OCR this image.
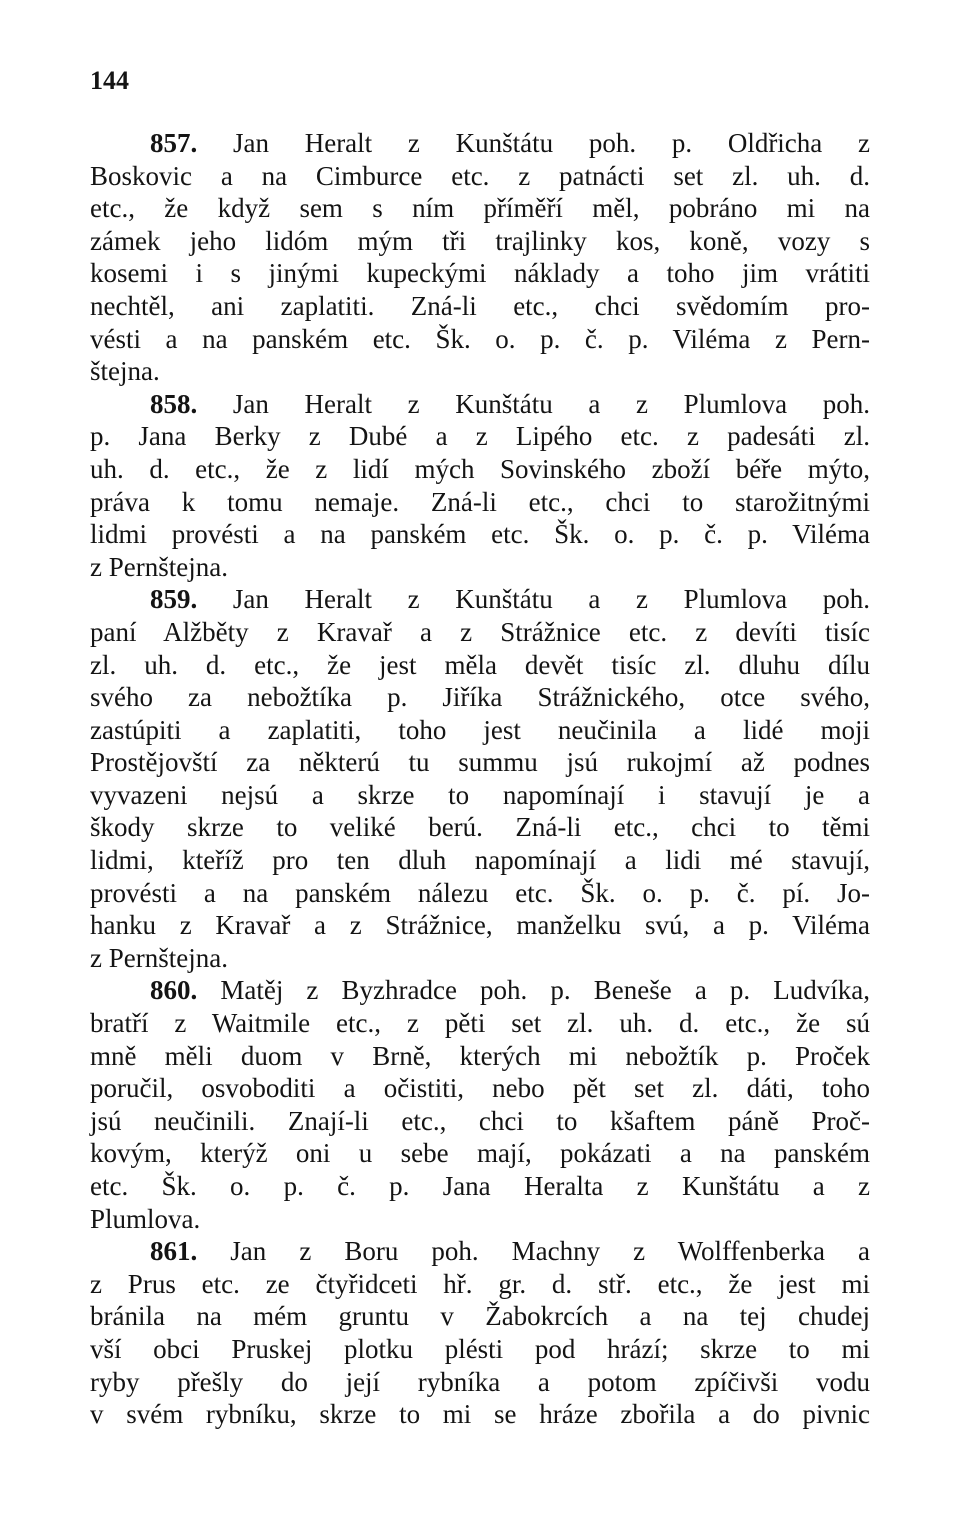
144
857. Jan Heralt z Kunštátu poh. p. Oldřicha z
Boskovic a na Cimburce etc. z patnácti set zl. uh. d.
etc., že když sem s ním příměří měl, pobráno mi na
zámek jeho lidóm mým tři trajlinky kos, koně, vozy s
kosemi i s jinými kupeckými náklady a toho jim vrátiti
nechtěl, ani zaplatiti. Zná-li etc., chci svědomím pro-
vésti a na panském etc. Šk. o. p. č. p. Viléma z Pern-
štejna.
858. Jan Heralt z Kunštátu a z Plumlova poh.
p. Jana Berky z Dubé a z Lipého etc. z padesáti zl.
uh. d. etc., že z lidí mých Sovinského zboží béře mýto,
práva k tomu nemaje. Zná-li etc., chci to starožitnými
lidmi provésti a na panském etc. Šk. o. p. č. p. Viléma
z Pernštejna.
859. Jan Heralt z Kunštátu a z Plumlova poh.
paní Alžběty z Kravař a z Strážnice etc. z devíti tisíc
zl. uh. d. etc., že jest měla devět tisíc zl. dluhu dílu
svého za nebožtíka p. Jiříka Strážnického, otce svého,
zastúpiti a zaplatiti, toho jest neučinila a lidé moji
Prostějovští za některú tu summu jsú rukojmí až podnes
vyvazeni nejsú a skrze to napomínají i stavují je a
škody skrze to veliké berú. Zná-li etc., chci to těmi
lidmi, kteříž pro ten dluh napomínají a lidi mé stavují,
provésti a na panském nálezu etc. Šk. o. p. č. pí. Jo-
hanku z Kravař a z Strážnice, manželku svú, a p. Viléma
z Pernštejna.
860. Matěj z Byzhradce poh. p. Beneše a p. Ludvíka,
bratří z Waitmile etc., z pěti set zl. uh. d. etc., že sú
mně měli duom v Brně, kterých mi nebožtík p. Proček
poručil, osvoboditi a očistiti, nebo pět set zl. dáti, toho
jsú neučinili. Znají-li etc., chci to kšaftem páně Proč-
kovým, kterýž oni u sebe mají, pokázati a na panském
etc. Šk. o. p. č. p. Jana Heralta z Kunštátu a z
Plumlova.
861. Jan z Boru poh. Machny z Wolffenberka a
z Prus etc. ze čtyřidceti hř. gr. d. stř. etc., že jest mi
bránila na mém gruntu v Žabokrcích a na tej chudej
vší obci Pruskej plotku plésti pod hrází; skrze to mi
ryby přešly do její rybníka a potom zpíčivši vodu
v svém rybníku, skrze to mi se hráze zbořila a do pivnic
